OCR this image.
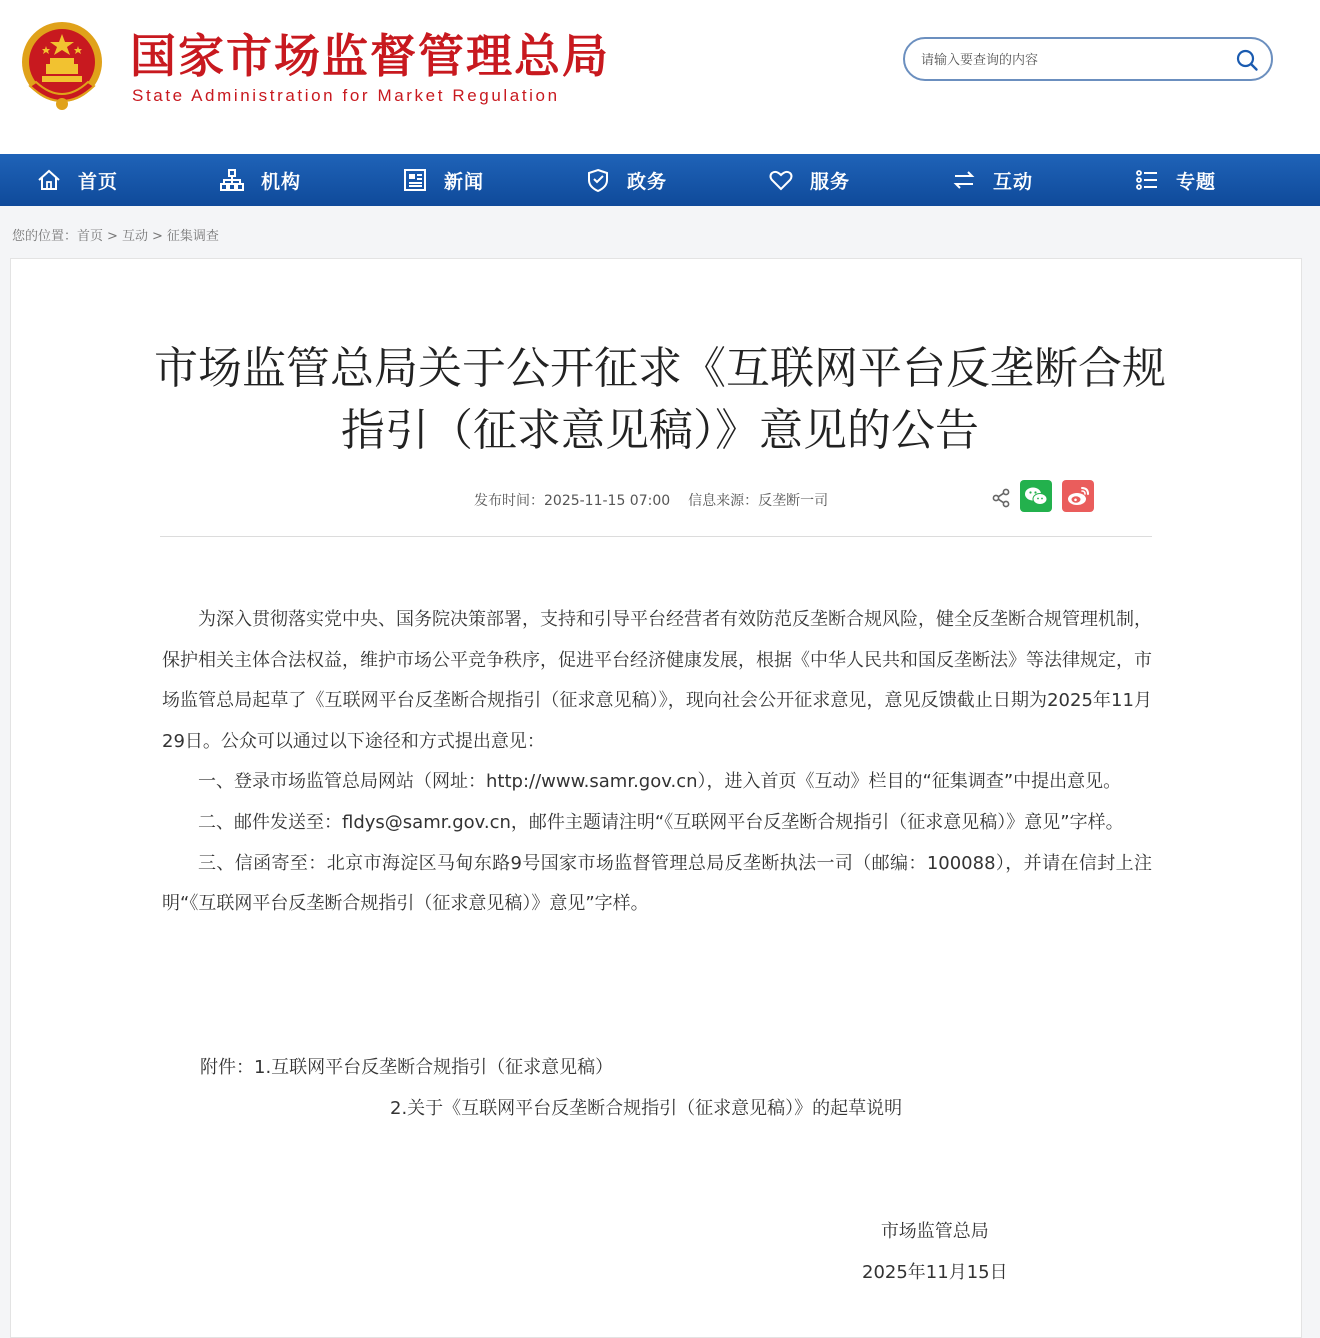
国家市场监督管理总局
State Administration for Market Regulation
请输入要查询的内容
首页	机构	新闻	政务	服务	互动	专题
您的位置：首页 > 互动 > 征集调查
市场监管总局关于公开征求《互联网平台反垄断合规指引（征求意见稿）》意见的公告
发布时间：2025-11-15 07:00 信息来源：反垄断一司

为深入贯彻落实党中央、国务院决策部署，支持和引导平台经营者有效防范反垄断合规风险，健全反垄断合规管理机制，保护相关主体合法权益，维护市场公平竞争秩序，促进平台经济健康发展，根据《中华人民共和国反垄断法》等法律规定，市场监管总局起草了《互联网平台反垄断合规指引（征求意见稿）》，现向社会公开征求意见，意见反馈截止日期为2025年11月29日。公众可以通过以下途径和方式提出意见：

一、登录市场监管总局网站（网址：http://www.samr.gov.cn），进入首页《互动》栏目的“征集调查”中提出意见。

二、邮件发送至：fldys@samr.gov.cn，邮件主题请注明“《互联网平台反垄断合规指引（征求意见稿）》意见”字样。

三、信函寄至：北京市海淀区马甸东路9号国家市场监督管理总局反垄断执法一司（邮编：100088），并请在信封上注明“《互联网平台反垄断合规指引（征求意见稿）》意见”字样。

附件：1.互联网平台反垄断合规指引（征求意见稿）
2.关于《互联网平台反垄断合规指引（征求意见稿）》的起草说明
市场监管总局
2025年11月15日
